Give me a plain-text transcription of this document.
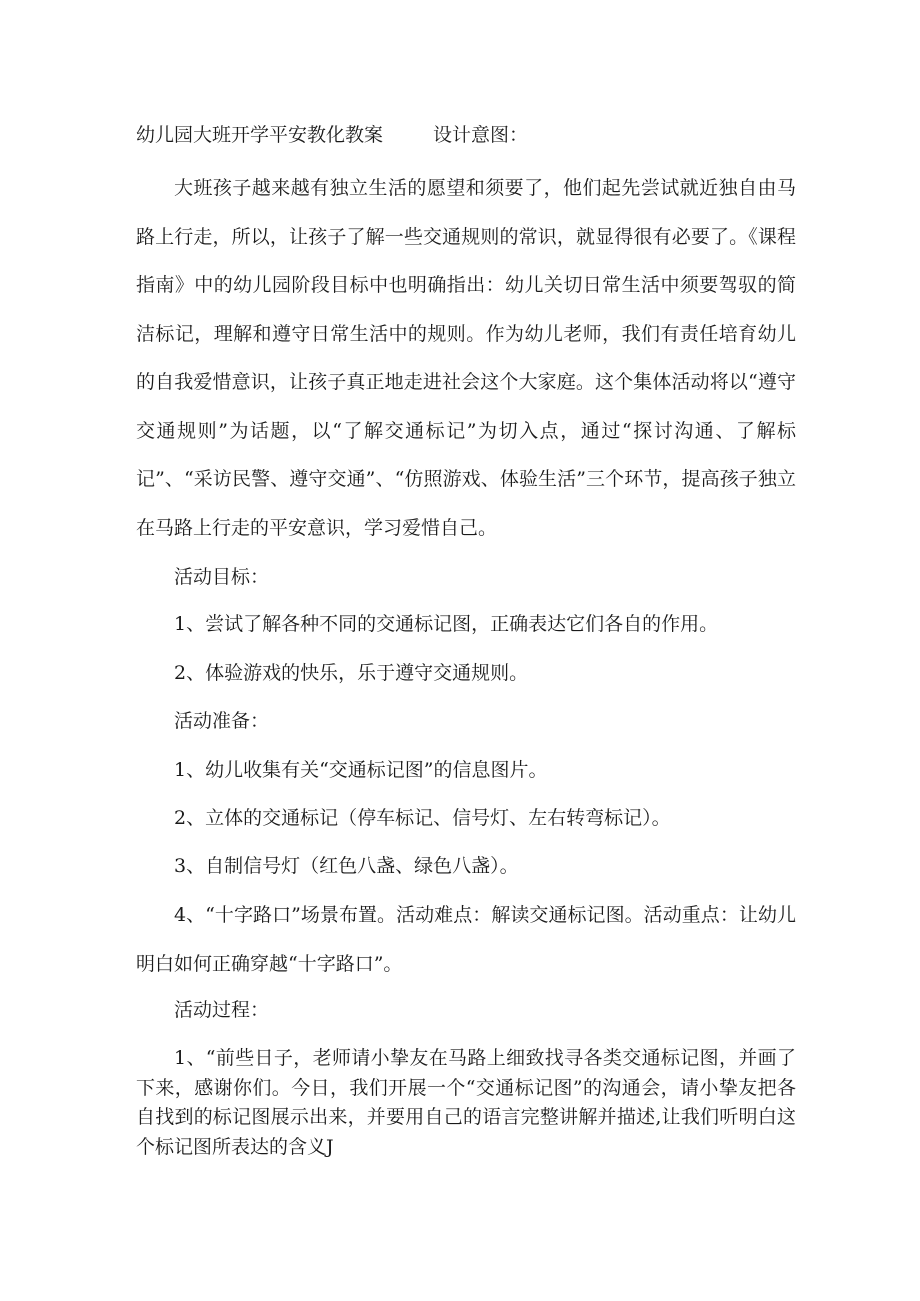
幼儿园大班开学平安教化教案	设计意图：

大班孩子越来越有独立生活的愿望和须要了，他们起先尝试就近独自由马路上行走，所以，让孩子了解一些交通规则的常识，就显得很有必要了。《课程指南》中的幼儿园阶段目标中也明确指出：幼儿关切日常生活中须要驾驭的简洁标记，理解和遵守日常生活中的规则。作为幼儿老师，我们有责任培育幼儿的自我爱惜意识，让孩子真正地走进社会这个大家庭。这个集体活动将以“遵守交通规则”为话题，以“了解交通标记”为切入点，通过“探讨沟通、了解标记”、“采访民警、遵守交通”、“仿照游戏、体验生活”三个环节，提高孩子独立在马路上行走的平安意识，学习爱惜自己。

活动目标：

1、尝试了解各种不同的交通标记图，正确表达它们各自的作用。

2、体验游戏的快乐，乐于遵守交通规则。

活动准备：

1、幼儿收集有关“交通标记图”的信息图片。

2、立体的交通标记（停车标记、信号灯、左右转弯标记）。

3、自制信号灯（红色八盏、绿色八盏）。

4、“十字路口”场景布置。活动难点：解读交通标记图。活动重点：让幼儿明白如何正确穿越“十字路口”。

活动过程：

1、“前些日子，老师请小挚友在马路上细致找寻各类交通标记图，并画了下来，感谢你们。今日，我们开展一个“交通标记图”的沟通会，请小挚友把各自找到的标记图展示出来，并要用自己的语言完整讲解并描述,让我们听明白这个标记图所表达的含义J
